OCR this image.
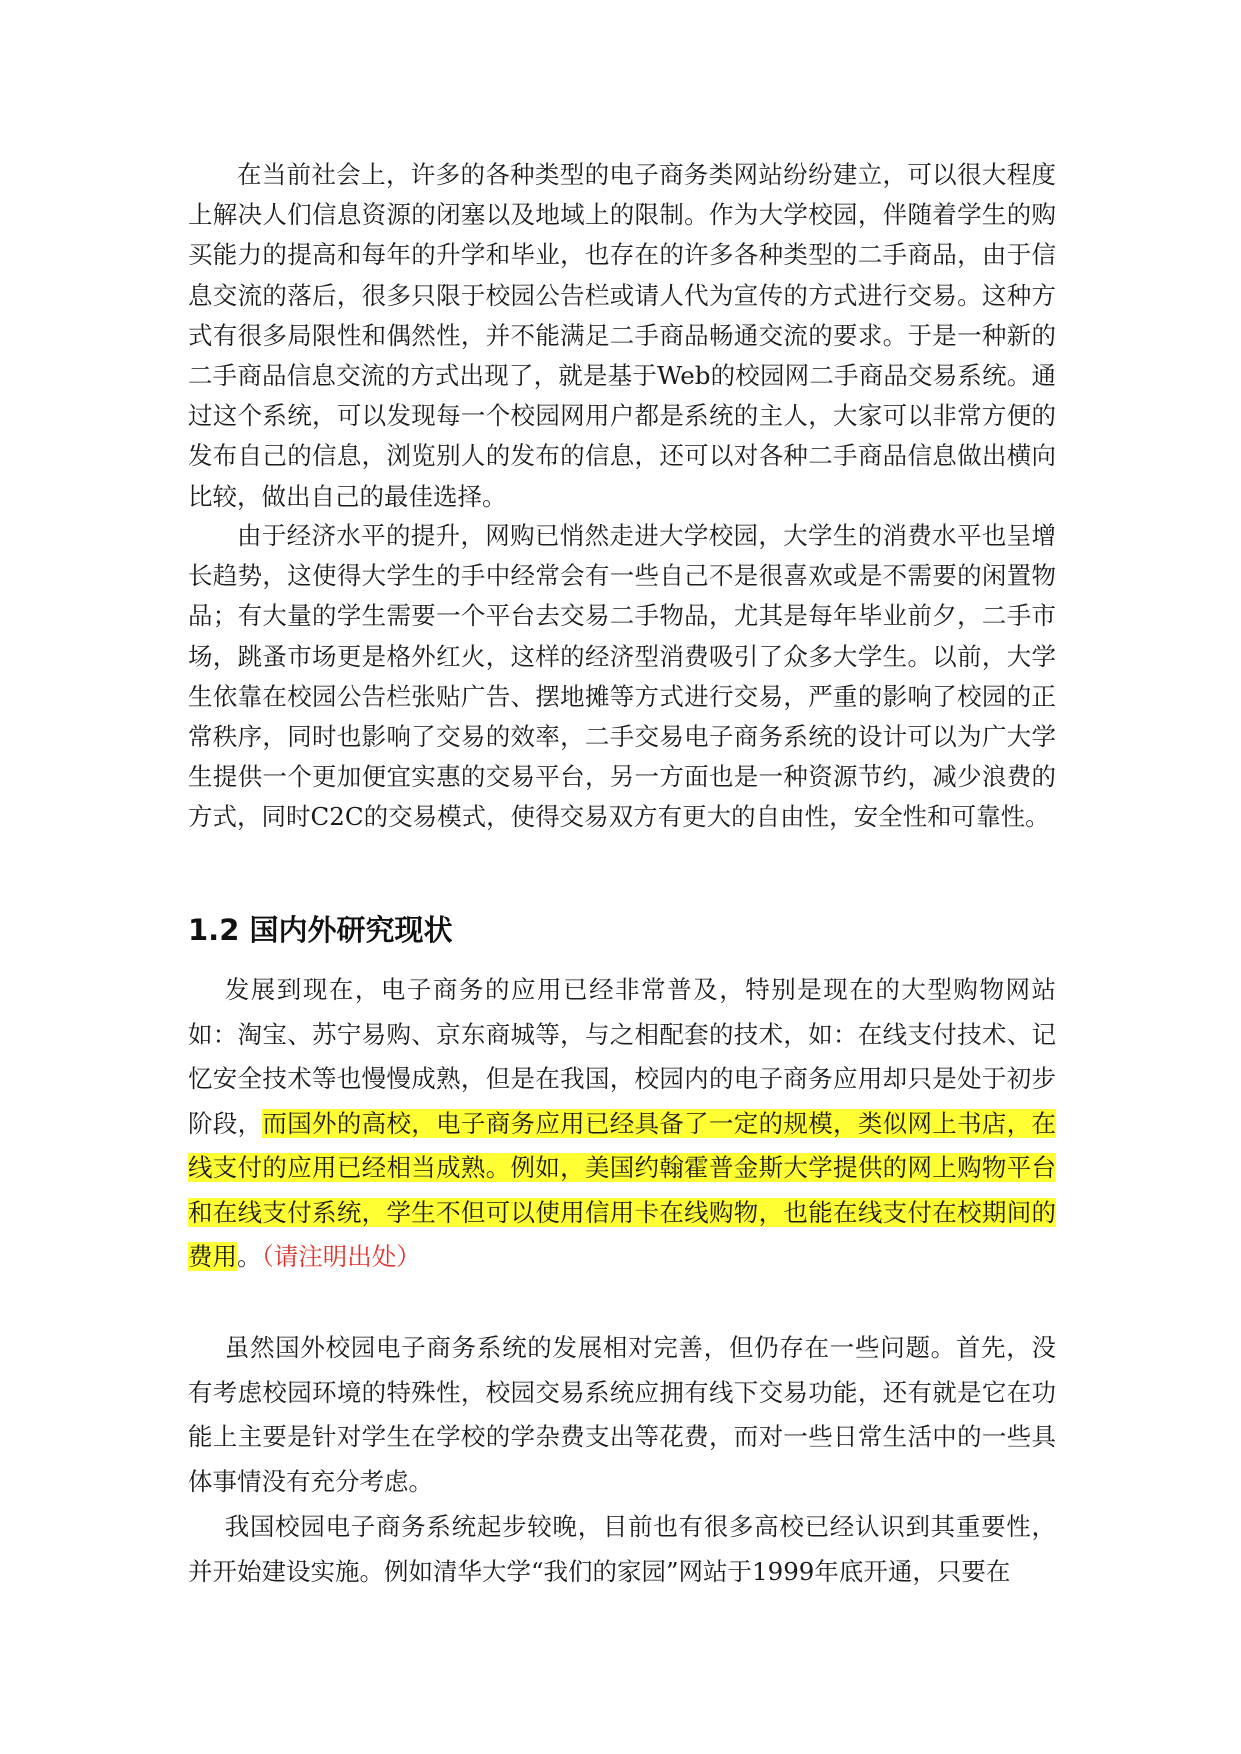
在当前社会上，许多的各种类型的电子商务类网站纷纷建立，可以很大程度上解决人们信息资源的闭塞以及地域上的限制。作为大学校园，伴随着学生的购买能力的提高和每年的升学和毕业，也存在的许多各种类型的二手商品，由于信息交流的落后，很多只限于校园公告栏或请人代为宣传的方式进行交易。这种方式有很多局限性和偶然性，并不能满足二手商品畅通交流的要求。于是一种新的二手商品信息交流的方式出现了，就是基于Web的校园网二手商品交易系统。通过这个系统，可以发现每一个校园网用户都是系统的主人，大家可以非常方便的发布自己的信息，浏览别人的发布的信息，还可以对各种二手商品信息做出横向比较，做出自己的最佳选择。

由于经济水平的提升，网购已悄然走进大学校园，大学生的消费水平也呈增长趋势，这使得大学生的手中经常会有一些自己不是很喜欢或是不需要的闲置物品；有大量的学生需要一个平台去交易二手物品，尤其是每年毕业前夕，二手市场，跳蚤市场更是格外红火，这样的经济型消费吸引了众多大学生。以前，大学生依靠在校园公告栏张贴广告、摆地摊等方式进行交易，严重的影响了校园的正常秩序，同时也影响了交易的效率，二手交易电子商务系统的设计可以为广大学生提供一个更加便宜实惠的交易平台，另一方面也是一种资源节约，减少浪费的方式，同时C2C的交易模式，使得交易双方有更大的自由性，安全性和可靠性。

1.2 国内外研究现状

发展到现在，电子商务的应用已经非常普及，特别是现在的大型购物网站如：淘宝、苏宁易购、京东商城等，与之相配套的技术，如：在线支付技术、记忆安全技术等也慢慢成熟，但是在我国，校园内的电子商务应用却只是处于初步阶段，而国外的高校，电子商务应用已经具备了一定的规模，类似网上书店，在线支付的应用已经相当成熟。例如，美国约翰霍普金斯大学提供的网上购物平台和在线支付系统，学生不但可以使用信用卡在线购物，也能在线支付在校期间的费用。（请注明出处）

虽然国外校园电子商务系统的发展相对完善，但仍存在一些问题。首先，没有考虑校园环境的特殊性，校园交易系统应拥有线下交易功能，还有就是它在功能上主要是针对学生在学校的学杂费支出等花费，而对一些日常生活中的一些具体事情没有充分考虑。

我国校园电子商务系统起步较晚，目前也有很多高校已经认识到其重要性，并开始建设实施。例如清华大学“我们的家园”网站于1999年底开通，只要在
